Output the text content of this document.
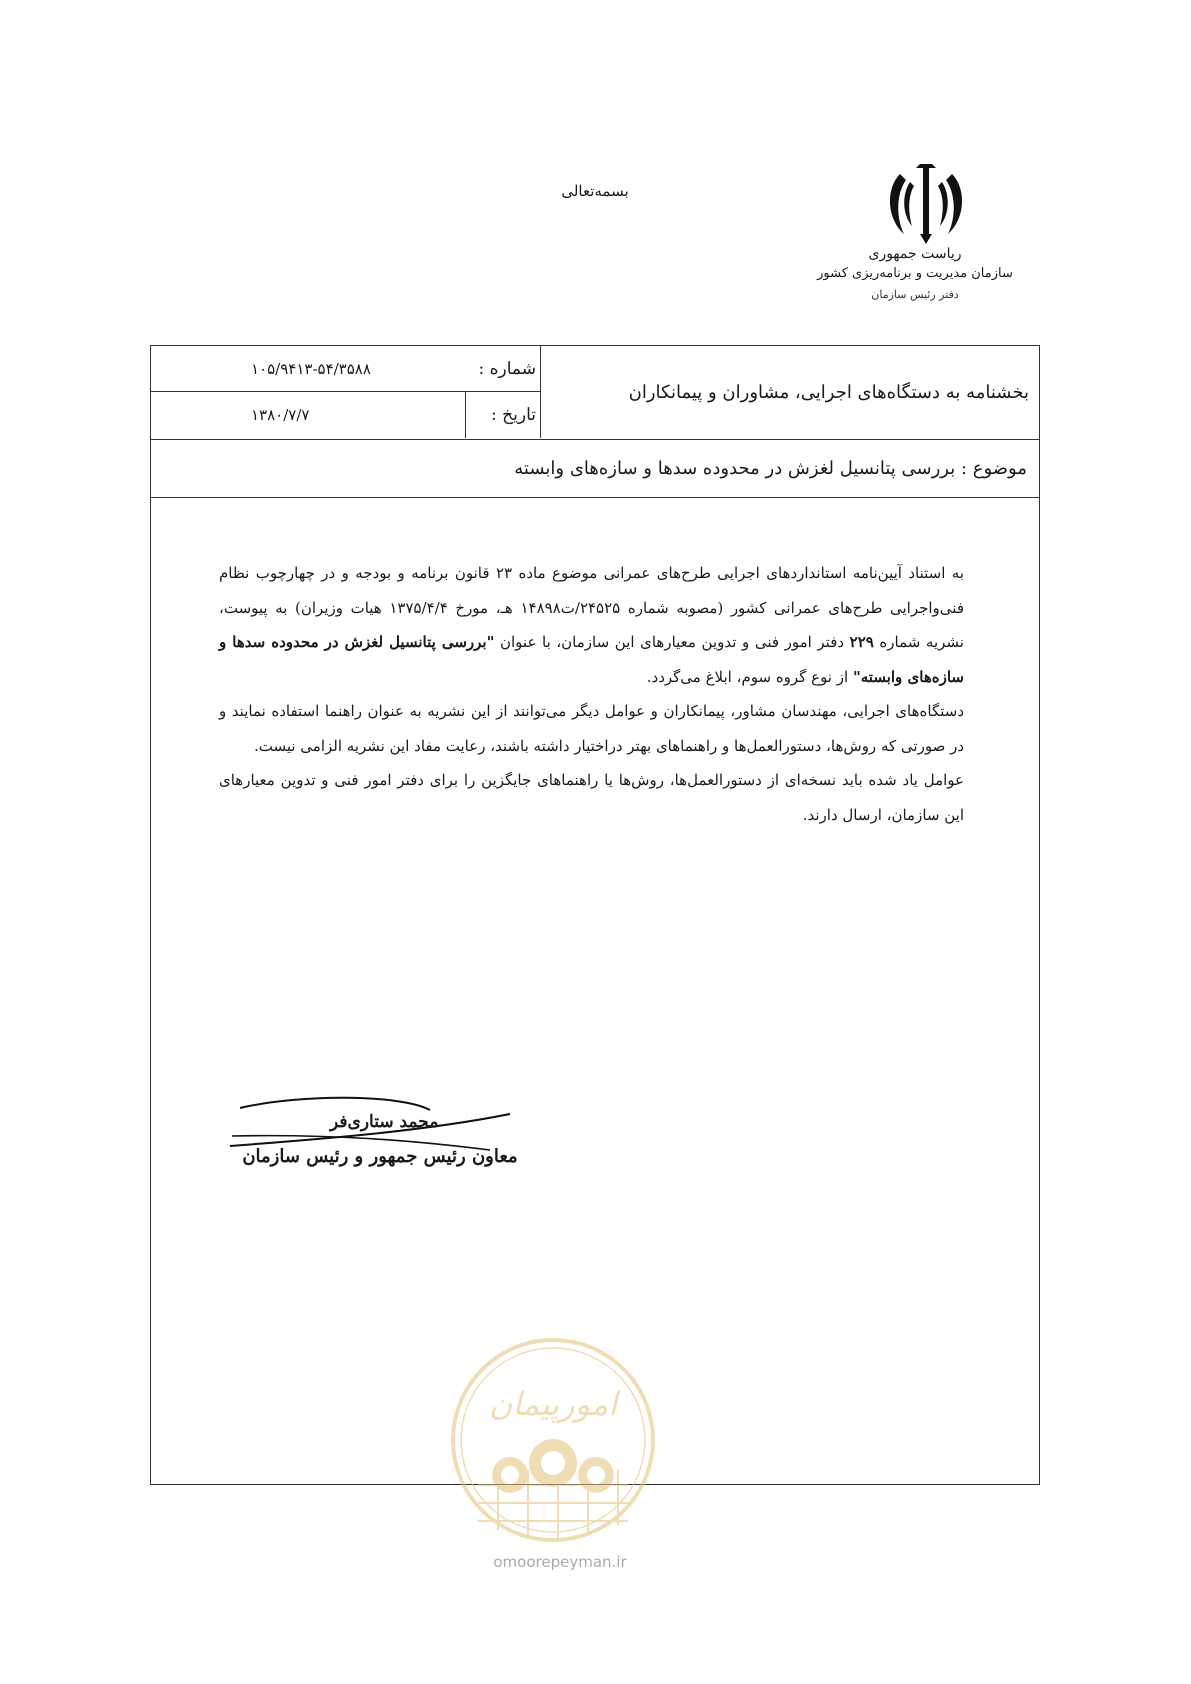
بسمه‌تعالی
ریاست جمهوری
سازمان مدیریت و برنامه‌ریزی کشور
دفتر رئیس سازمان
بخشنامه به دستگاه‌های اجرایی، مشاوران و پیمانکاران
شماره :
۱۰۵/۹۴۱۳-۵۴/۳۵۸۸
تاریخ :
۱۳۸۰/۷/۷
موضوع : بررسی پتانسیل لغزش در محدوده سدها و سازه‌های وابسته

به استناد آیین‌نامه استانداردهای اجرایی طرح‌های عمرانی موضوع ماده ۲۳ قانون برنامه و بودجه و در چهارچوب نظام فنی‌واجرایی طرح‌های عمرانی کشور (مصوبه شماره ۲۴۵۲۵/ت۱۴۸۹۸ هـ، مورخ ۱۳۷۵/۴/۴ هیات وزیران) به پیوست، نشریه شماره ۲۲۹ دفتر امور فنی و تدوین معیارهای این سازمان، با عنوان "بررسی پتانسیل لغزش در محدوده سدها و سازه‌های وابسته" از نوع گروه سوم، ابلاغ می‌گردد.

دستگاه‌های اجرایی، مهندسان مشاور، پیمانکاران و عوامل دیگر می‌توانند از این نشریه به عنوان راهنما استفاده نمایند و در صورتی که روش‌ها، دستورالعمل‌ها و راهنماهای بهتر دراختیار داشته باشند، رعایت مفاد این نشریه الزامی نیست.

عوامل یاد شده باید نسخه‌ای از دستورالعمل‌ها، روش‌ها یا راهنماهای جایگزین را برای دفتر امور فنی و تدوین معیارهای این سازمان، ارسال دارند.

محمد ستاری‌فر
معاون رئیس جمهور و رئیس سازمان
امورپیمان
omoorepeyman.ir
